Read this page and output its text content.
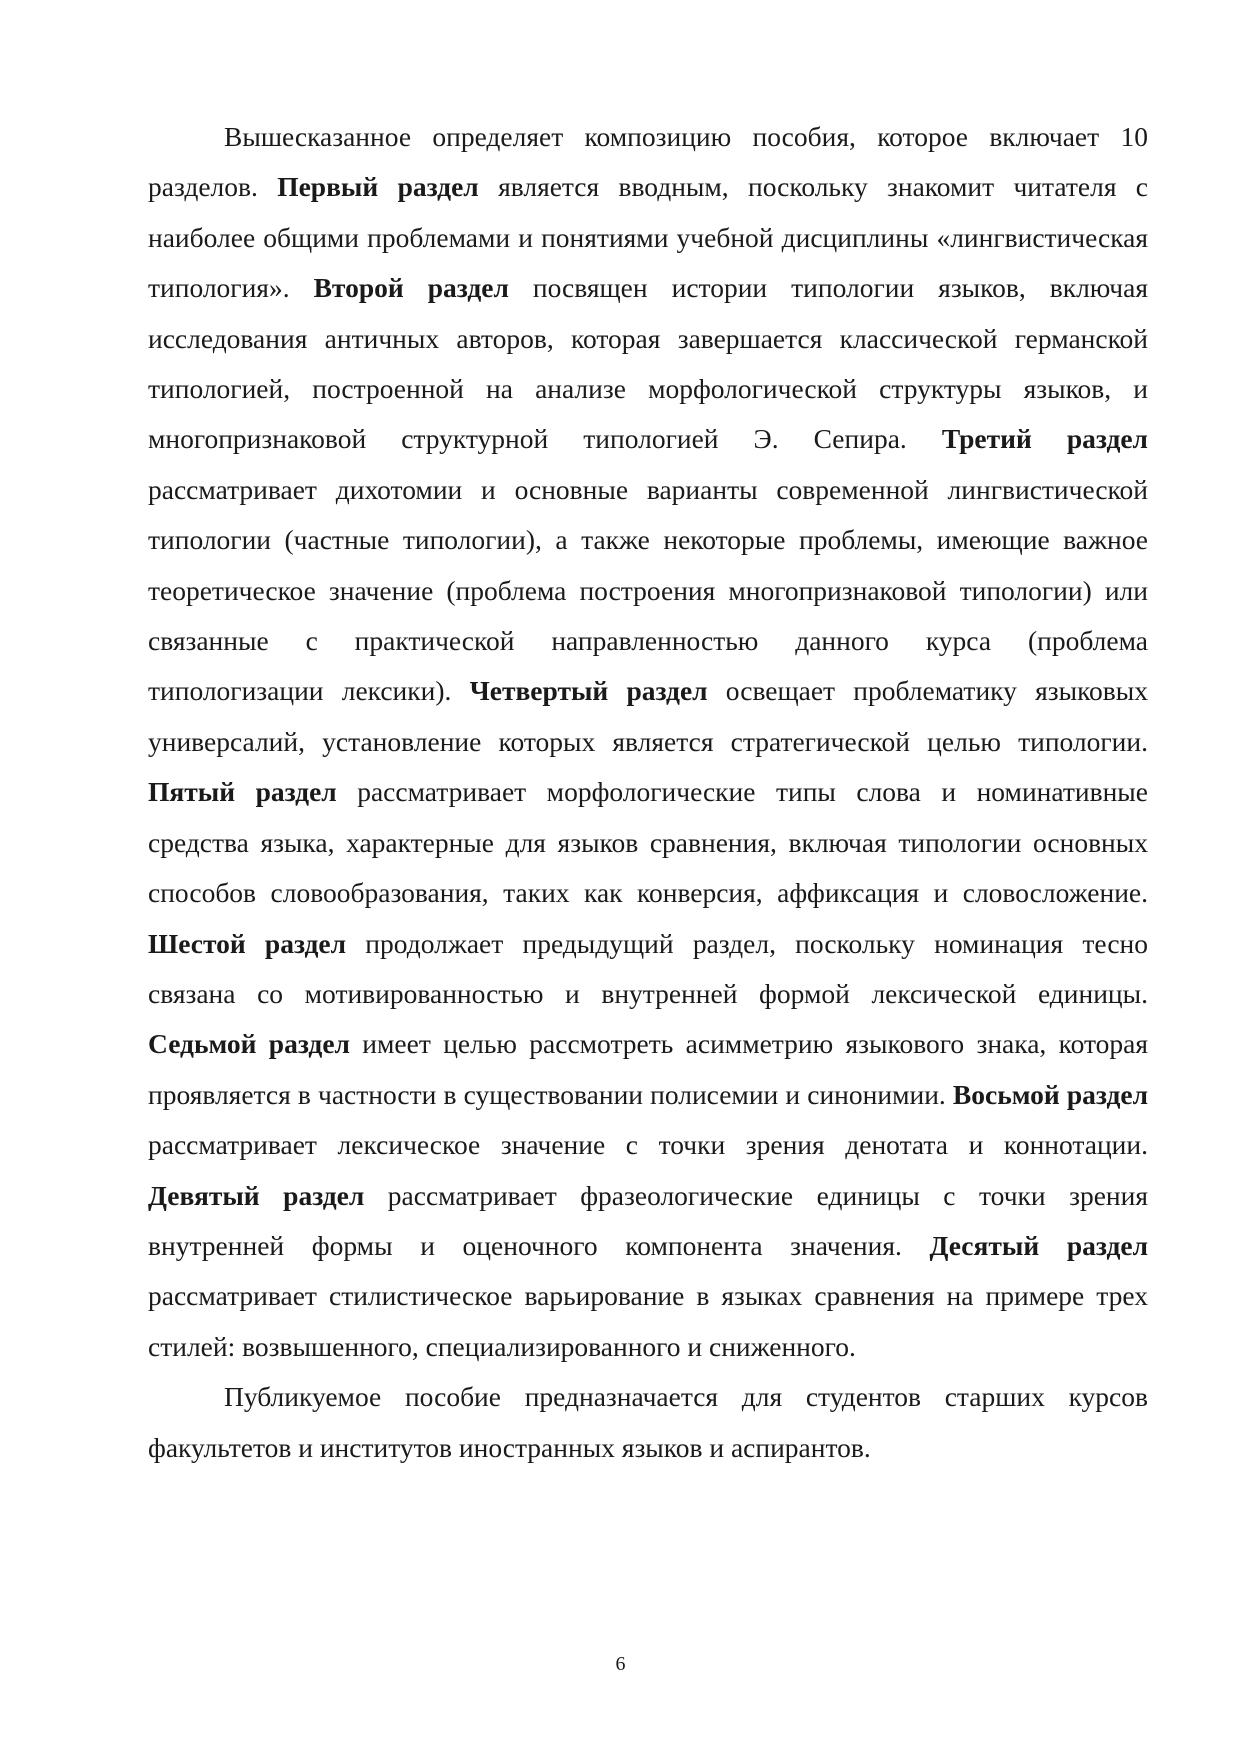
Вышесказанное определяет композицию пособия, которое включает 10 разделов. Первый раздел является вводным, поскольку знакомит читателя с наиболее общими проблемами и понятиями учебной дисциплины «лингвистическая типология». Второй раздел посвящен истории типологии языков, включая исследования античных авторов, которая завершается классической германской типологией, построенной на анализе морфологической структуры языков, и многопризнаковой структурной типологией Э. Сепира. Третий раздел рассматривает дихотомии и основные варианты современной лингвистической типологии (частные типологии), а также некоторые проблемы, имеющие важное теоретическое значение (проблема построения многопризнаковой типологии) или связанные с практической направленностью данного курса (проблема типологизации лексики). Четвертый раздел освещает проблематику языковых универсалий, установление которых является стратегической целью типологии. Пятый раздел рассматривает морфологические типы слова и номинативные средства языка, характерные для языков сравнения, включая типологии основных способов словообразования, таких как конверсия, аффиксация и словосложение. Шестой раздел продолжает предыдущий раздел, поскольку номинация тесно связана со мотивированностью и внутренней формой лексической единицы. Седьмой раздел имеет целью рассмотреть асимметрию языкового знака, которая проявляется в частности в существовании полисемии и синонимии. Восьмой раздел рассматривает лексическое значение с точки зрения денотата и коннотации. Девятый раздел рассматривает фразеологические единицы с точки зрения внутренней формы и оценочного компонента значения. Десятый раздел рассматривает стилистическое варьирование в языках сравнения на примере трех стилей: возвышенного, специализированного и сниженного.

Публикуемое пособие предназначается для студентов старших курсов факультетов и институтов иностранных языков и аспирантов.

6
